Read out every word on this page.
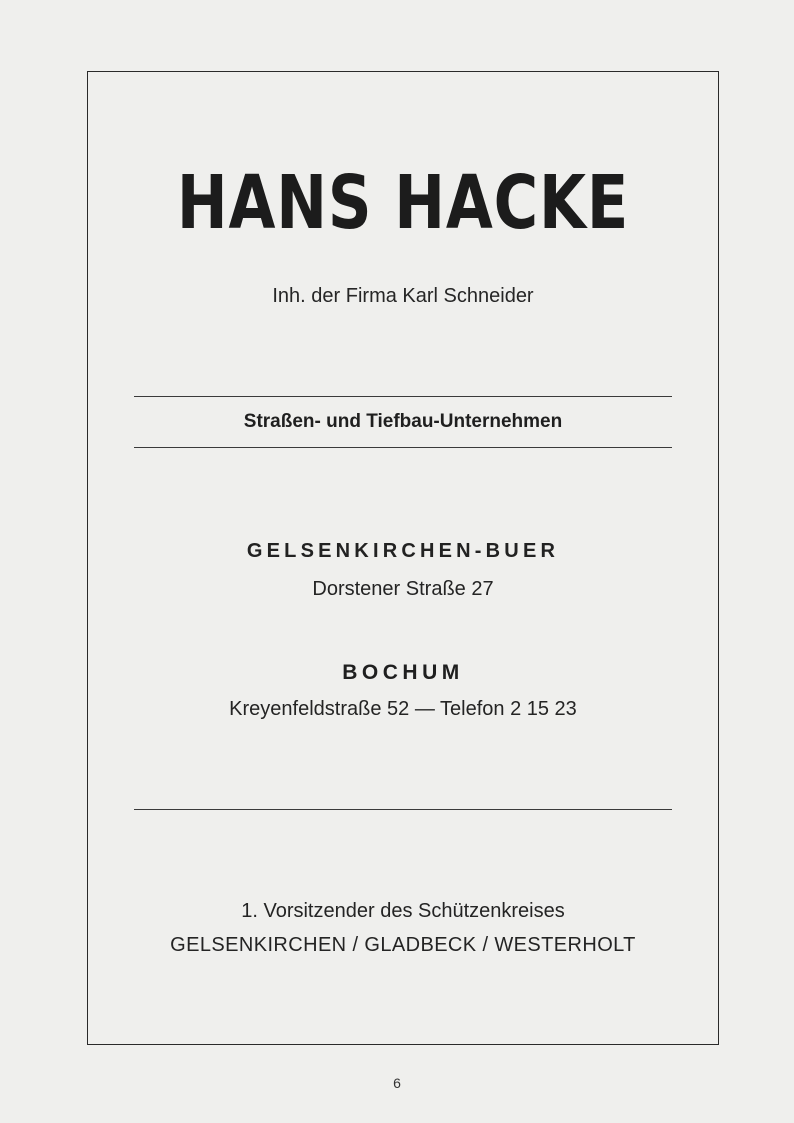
HANS HACKE
Inh. der Firma Karl Schneider
Straßen- und Tiefbau-Unternehmen
GELSENKIRCHEN-BUER
Dorstener Straße 27
BOCHUM
Kreyenfeldstraße 52 — Telefon 2 15 23
1. Vorsitzender des Schützenkreises
GELSENKIRCHEN / GLADBECK / WESTERHOLT
6
